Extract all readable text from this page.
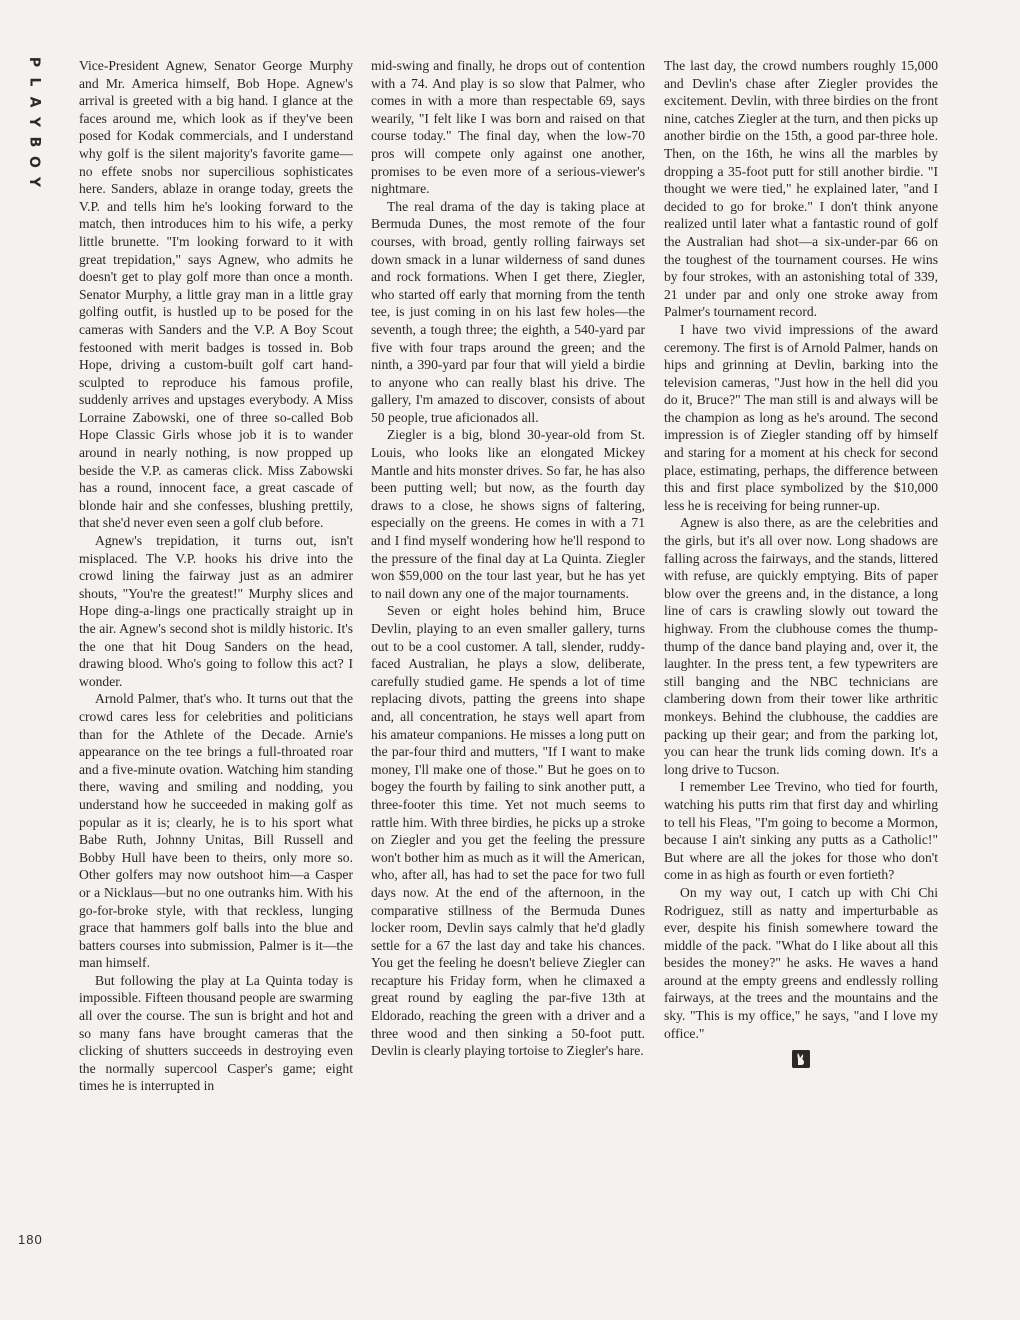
P
L
A
Y
B
O
Y

Vice-President Agnew, Senator George Murphy and Mr. America himself, Bob Hope. Agnew's arrival is greeted with a big hand. I glance at the faces around me, which look as if they've been posed for Kodak commercials, and I understand why golf is the silent majority's favorite game—no effete snobs nor supercilious sophisticates here. Sanders, ablaze in orange today, greets the V.P. and tells him he's looking forward to the match, then introduces him to his wife, a perky little brunette. "I'm looking forward to it with great trepidation," says Agnew, who admits he doesn't get to play golf more than once a month. Senator Murphy, a little gray man in a little gray golfing outfit, is hustled up to be posed for the cameras with Sanders and the V.P. A Boy Scout festooned with merit badges is tossed in. Bob Hope, driving a custom-built golf cart hand-sculpted to reproduce his famous profile, suddenly arrives and upstages everybody. A Miss Lorraine Zabowski, one of three so-called Bob Hope Classic Girls whose job it is to wander around in nearly nothing, is now propped up beside the V.P. as cameras click. Miss Zabowski has a round, innocent face, a great cascade of blonde hair and she confesses, blushing prettily, that she'd never even seen a golf club before.

Agnew's trepidation, it turns out, isn't misplaced. The V.P. hooks his drive into the crowd lining the fairway just as an admirer shouts, "You're the greatest!" Murphy slices and Hope ding-a-lings one practically straight up in the air. Agnew's second shot is mildly historic. It's the one that hit Doug Sanders on the head, drawing blood. Who's going to follow this act? I wonder.

Arnold Palmer, that's who. It turns out that the crowd cares less for celebrities and politicians than for the Athlete of the Decade. Arnie's appearance on the tee brings a full-throated roar and a five-minute ovation. Watching him standing there, waving and smiling and nodding, you understand how he succeeded in making golf as popular as it is; clearly, he is to his sport what Babe Ruth, Johnny Unitas, Bill Russell and Bobby Hull have been to theirs, only more so. Other golfers may now outshoot him—a Casper or a Nicklaus—but no one outranks him. With his go-for-broke style, with that reckless, lunging grace that hammers golf balls into the blue and batters courses into submission, Palmer is it—the man himself.

But following the play at La Quinta today is impossible. Fifteen thousand people are swarming all over the course. The sun is bright and hot and so many fans have brought cameras that the clicking of shutters succeeds in destroying even the normally supercool Casper's game; eight times he is interrupted in

mid-swing and finally, he drops out of contention with a 74. And play is so slow that Palmer, who comes in with a more than respectable 69, says wearily, "I felt like I was born and raised on that course today." The final day, when the low-70 pros will compete only against one another, promises to be even more of a serious-viewer's nightmare.

The real drama of the day is taking place at Bermuda Dunes, the most remote of the four courses, with broad, gently rolling fairways set down smack in a lunar wilderness of sand dunes and rock formations. When I get there, Ziegler, who started off early that morning from the tenth tee, is just coming in on his last few holes—the seventh, a tough three; the eighth, a 540-yard par five with four traps around the green; and the ninth, a 390-yard par four that will yield a birdie to anyone who can really blast his drive. The gallery, I'm amazed to discover, consists of about 50 people, true aficionados all.

Ziegler is a big, blond 30-year-old from St. Louis, who looks like an elongated Mickey Mantle and hits monster drives. So far, he has also been putting well; but now, as the fourth day draws to a close, he shows signs of faltering, especially on the greens. He comes in with a 71 and I find myself wondering how he'll respond to the pressure of the final day at La Quinta. Ziegler won $59,000 on the tour last year, but he has yet to nail down any one of the major tournaments.

Seven or eight holes behind him, Bruce Devlin, playing to an even smaller gallery, turns out to be a cool customer. A tall, slender, ruddy-faced Australian, he plays a slow, deliberate, carefully studied game. He spends a lot of time replacing divots, patting the greens into shape and, all concentration, he stays well apart from his amateur companions. He misses a long putt on the par-four third and mutters, "If I want to make money, I'll make one of those." But he goes on to bogey the fourth by failing to sink another putt, a three-footer this time. Yet not much seems to rattle him. With three birdies, he picks up a stroke on Ziegler and you get the feeling the pressure won't bother him as much as it will the American, who, after all, has had to set the pace for two full days now. At the end of the afternoon, in the comparative stillness of the Bermuda Dunes locker room, Devlin says calmly that he'd gladly settle for a 67 the last day and take his chances. You get the feeling he doesn't believe Ziegler can recapture his Friday form, when he climaxed a great round by eagling the par-five 13th at Eldorado, reaching the green with a driver and a three wood and then sinking a 50-foot putt. Devlin is clearly playing tortoise to Ziegler's hare.

The last day, the crowd numbers roughly 15,000 and Devlin's chase after Ziegler provides the excitement. Devlin, with three birdies on the front nine, catches Ziegler at the turn, and then picks up another birdie on the 15th, a good par-three hole. Then, on the 16th, he wins all the marbles by dropping a 35-foot putt for still another birdie. "I thought we were tied," he explained later, "and I decided to go for broke." I don't think anyone realized until later what a fantastic round of golf the Australian had shot—a six-under-par 66 on the toughest of the tournament courses. He wins by four strokes, with an astonishing total of 339, 21 under par and only one stroke away from Palmer's tournament record.

I have two vivid impressions of the award ceremony. The first is of Arnold Palmer, hands on hips and grinning at Devlin, barking into the television cameras, "Just how in the hell did you do it, Bruce?" The man still is and always will be the champion as long as he's around. The second impression is of Ziegler standing off by himself and staring for a moment at his check for second place, estimating, perhaps, the difference between this and first place symbolized by the $10,000 less he is receiving for being runner-up.

Agnew is also there, as are the celebrities and the girls, but it's all over now. Long shadows are falling across the fairways, and the stands, littered with refuse, are quickly emptying. Bits of paper blow over the greens and, in the distance, a long line of cars is crawling slowly out toward the highway. From the clubhouse comes the thump-thump of the dance band playing and, over it, the laughter. In the press tent, a few typewriters are still banging and the NBC technicians are clambering down from their tower like arthritic monkeys. Behind the clubhouse, the caddies are packing up their gear; and from the parking lot, you can hear the trunk lids coming down. It's a long drive to Tucson.

I remember Lee Trevino, who tied for fourth, watching his putts rim that first day and whirling to tell his Fleas, "I'm going to become a Mormon, because I ain't sinking any putts as a Catholic!" But where are all the jokes for those who don't come in as high as fourth or even fortieth?

On my way out, I catch up with Chi Chi Rodriguez, still as natty and imperturbable as ever, despite his finish somewhere toward the middle of the pack. "What do I like about all this besides the money?" he asks. He waves a hand around at the empty greens and endlessly rolling fairways, at the trees and the mountains and the sky. "This is my office," he says, "and I love my office."

180
